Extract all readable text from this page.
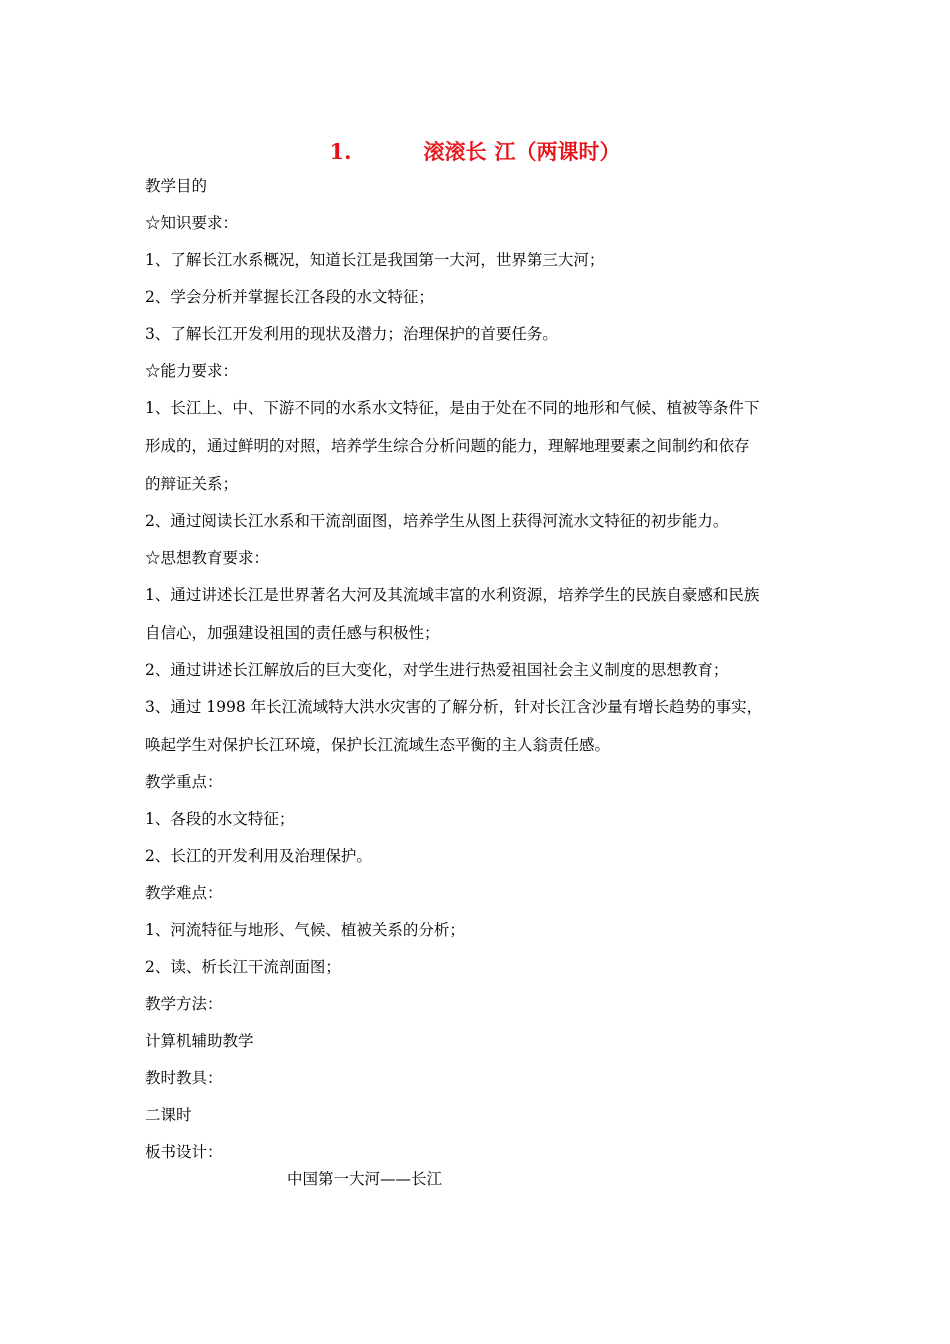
1.	滚滚长 江（两课时）
教学目的
☆知识要求：
1、了解长江水系概况，知道长江是我国第一大河，世界第三大河；
2、学会分析并掌握长江各段的水文特征；
3、了解长江开发利用的现状及潜力；治理保护的首要任务。
☆能力要求：
1、长江上、中、下游不同的水系水文特征，是由于处在不同的地形和气候、植被等条件下
形成的，通过鲜明的对照，培养学生综合分析问题的能力，理解地理要素之间制约和依存
的辩证关系；
2、通过阅读长江水系和干流剖面图，培养学生从图上获得河流水文特征的初步能力。
☆思想教育要求：
1、通过讲述长江是世界著名大河及其流域丰富的水利资源，培养学生的民族自豪感和民族
自信心，加强建设祖国的责任感与积极性；
2、通过讲述长江解放后的巨大变化，对学生进行热爱祖国社会主义制度的思想教育；
3、通过 1998 年长江流域特大洪水灾害的了解分析，针对长江含沙量有增长趋势的事实，
唤起学生对保护长江环境，保护长江流域生态平衡的主人翁责任感。
教学重点：
1、各段的水文特征；
2、长江的开发利用及治理保护。
教学难点：
1、河流特征与地形、气候、植被关系的分析；
2、读、析长江干流剖面图；
教学方法：
计算机辅助教学
教时教具：
二课时
板书设计：
中国第一大河——长江
